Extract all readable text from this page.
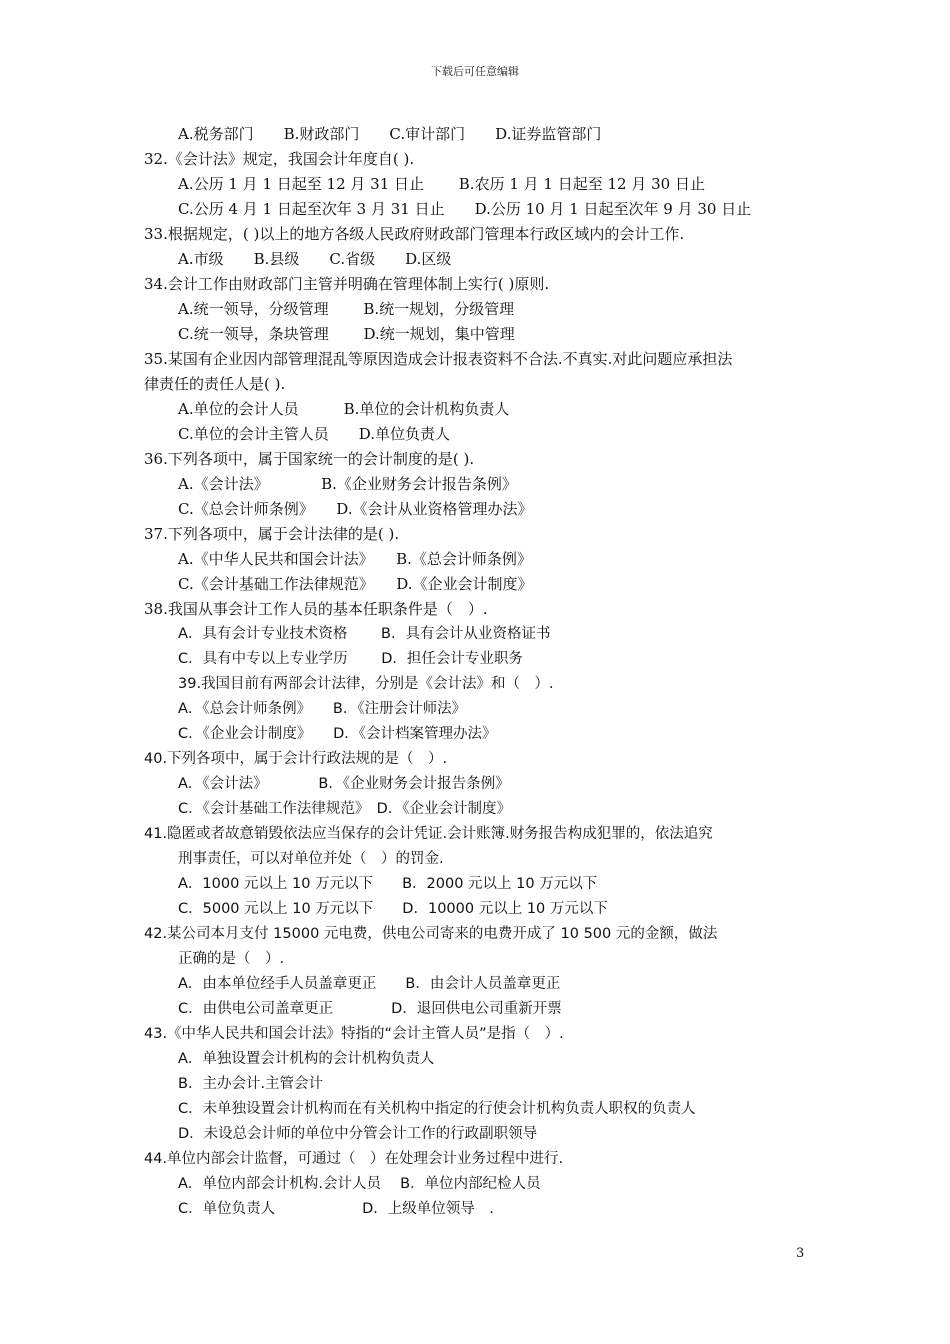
下载后可任意编辑
A.税务部门　　B.财政部门　　C.审计部门　　D.证券监管部门
32.《会计法》规定，我国会计年度自( ).
A.公历 1 月 1 日起至 12 月 31 日止　　 B.农历 1 月 1 日起至 12 月 30 日止
C.公历 4 月 1 日起至次年 3 月 31 日止　　D.公历 10 月 1 日起至次年 9 月 30 日止
33.根据规定，( )以上的地方各级人民政府财政部门管理本行政区域内的会计工作.
A.市级　　B.县级　　C.省级　　D.区级
34.会计工作由财政部门主管并明确在管理体制上实行( )原则.
A.统一领导，分级管理　　 B.统一规划，分级管理
C.统一领导，条块管理　　 D.统一规划，集中管理
35.某国有企业因内部管理混乱等原因造成会计报表资料不合法.不真实.对此问题应承担法
律责任的责任人是( ).
A.单位的会计人员　　　B.单位的会计机构负责人
C.单位的会计主管人员　　D.单位负责人
36.下列各项中，属于国家统一的会计制度的是( ).
A.《会计法》　　　　B.《企业财务会计报告条例》
C.《总会计师条例》　　D.《会计从业资格管理办法》
37.下列各项中，属于会计法律的是( ).
A.《中华人民共和国会计法》　　B.《总会计师条例》
C.《会计基础工作法律规范》　　D.《企业会计制度》
38.我国从事会计工作人员的基本任职条件是（　）.
A．具有会计专业技术资格　　 B．具有会计从业资格证书
C．具有中专以上专业学历　　 D．担任会计专业职务
39.我国目前有两部会计法律，分别是《会计法》和（　）.
A．《总会计师条例》　　B．《注册会计师法》
C．《企业会计制度》　　D．《会计档案管理办法》
40.下列各项中，属于会计行政法规的是（　）.
A．《会计法》　　　　B．《企业财务会计报告条例》
C．《会计基础工作法律规范》　D．《企业会计制度》
41.隐匿或者故意销毁依法应当保存的会计凭证.会计账簿.财务报告构成犯罪的，依法追究
刑事责任，可以对单位并处（　）的罚金.
A．1000 元以上 10 万元以下　　B．2000 元以上 10 万元以下
C．5000 元以上 10 万元以下　　D．10000 元以上 10 万元以下
42.某公司本月支付 15000 元电费，供电公司寄来的电费开成了 10 500 元的金额，做法
正确的是（　）.
A．由本单位经手人员盖章更正　　B．由会计人员盖章更正
C．由供电公司盖章更正　　　　D．退回供电公司重新开票
43.《中华人民共和国会计法》特指的“会计主管人员”是指（　）.
A．单独设置会计机构的会计机构负责人
B．主办会计.主管会计
C．未单独设置会计机构而在有关机构中指定的行使会计机构负责人职权的负责人
D．未设总会计师的单位中分管会计工作的行政副职领导
44.单位内部会计监督，可通过（　）在处理会计业务过程中进行.
A．单位内部会计机构.会计人员　 B．单位内部纪检人员
C．单位负责人　　　　　　D．上级单位领导　.
3
